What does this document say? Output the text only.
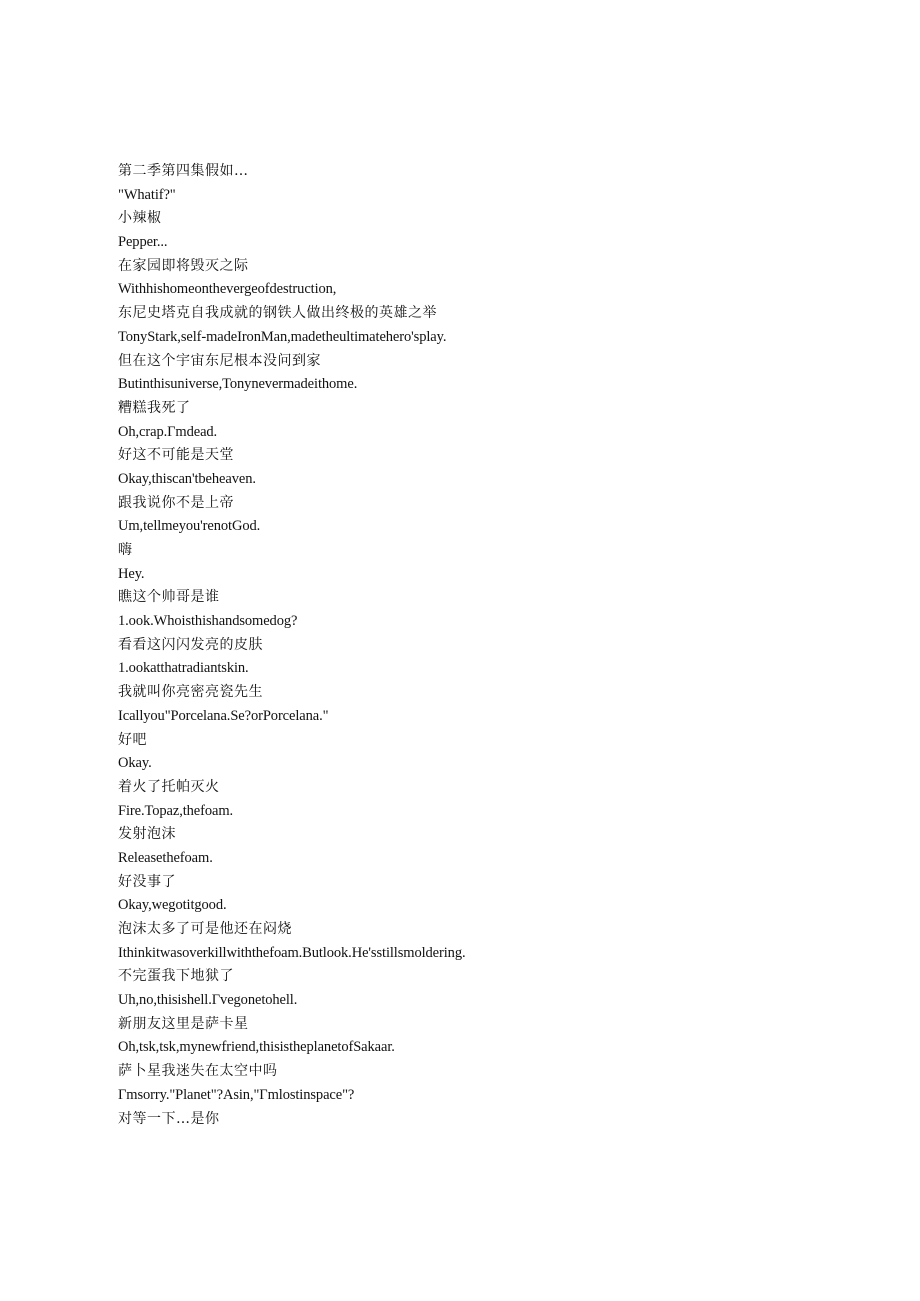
第二季第四集假如…
"Whatif?"
小辣椒
Pepper...
在家园即将毁灭之际
Withhishomeonthevergeofdestruction,
东尼史塔克自我成就的钢铁人做出终极的英雄之举
TonyStark,self-madeIronMan,madetheultimatehero'splay.
但在这个宇宙东尼根本没问到家
Butinthisuniverse,Tonynevermadeithome.
糟糕我死了
Oh,crap.Γmdead.
好这不可能是天堂
Okay,thiscan'tbeheaven.
跟我说你不是上帝
Um,tellmeyou'renotGod.
嗨
Hey.
瞧这个帅哥是谁
1.ook.Whoisthishandsomedog?
看看这闪闪发亮的皮肤
1.ookatthatradiantskin.
我就叫你亮密亮瓷先生
Icallyou"Porcelana.Se?orPorcelana."
好吧
Okay.
着火了托帕灭火
Fire.Topaz,thefoam.
发射泡沫
Releasethefoam.
好没事了
Okay,wegotitgood.
泡沫太多了可是他还在闷烧
Ithinkitwasoverkillwiththefoam.Butlook.He'sstillsmoldering.
不完蛋我下地狱了
Uh,no,thisishell.Γvegonetohell.
新朋友这里是萨卡星
Oh,tsk,tsk,mynewfriend,thisistheplanetofSakaar.
萨卜星我迷失在太空中吗
Γmsorry."Planet"?Asin,"Γmlostinspace"?
对等一下…是你
